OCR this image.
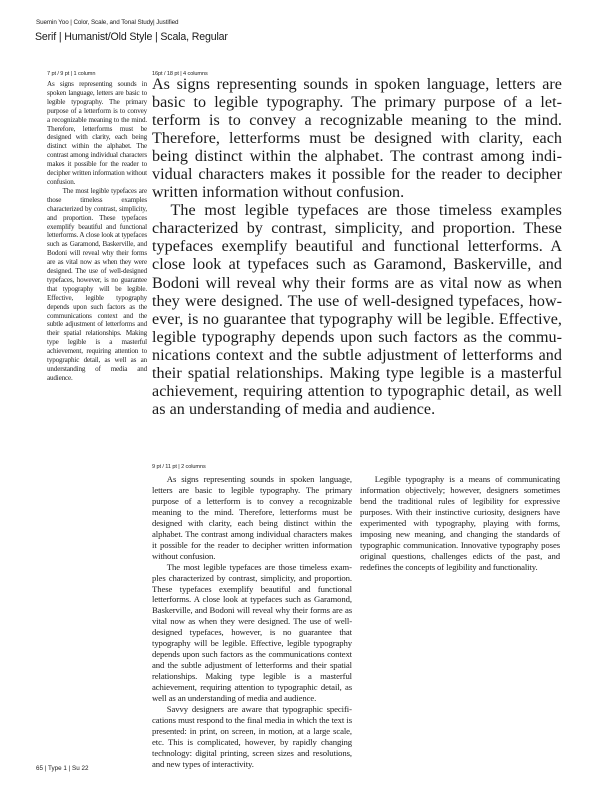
Suemin Yoo | Color, Scale, and Tonal Study| Justified
Serif | Humanist/Old Style | Scala, Regular
7 pt / 9 pt | 1 column

As signs representing sounds in spoken language, letters are basic to legible typography. The primary purpose of a letterform is to convey a recognizable meaning to the mind. Therefore, letterforms must be designed with clarity, each being distinct within the alphabet. The contrast among individual characters makes it possible for the reader to decipher written information without confusion.

The most legible typefaces are those timeless examples characterized by contrast, simplicity, and proportion. These typefaces exemplify beautiful and functional letterforms. A close look at typefaces such as Garamond, Baskerville, and Bodoni will reveal why their forms are as vital now as when they were designed. The use of well-designed typefaces, however, is no guarantee that typography will be legible. Effective, legible typography depends upon such factors as the communications context and the subtle adjustment of letterforms and their spatial relationships. Making type legible is a masterful achievement, requiring attention to typographic detail, as well as an understanding of media and audience.

16pt / 18 pt | 4 columns

As signs representing sounds in spoken language, letters are basic to legible typography. The primary purpose of a letterform is to convey a recognizable meaning to the mind. Therefore, letterforms must be designed with clarity, each being distinct within the alphabet. The contrast among individual characters makes it possible for the reader to decipher written information without confusion.

The most legible typefaces are those timeless examples characterized by contrast, simplicity, and proportion. These typefaces exemplify beautiful and functional letterforms. A close look at typefaces such as Garamond, Baskerville, and Bodoni will reveal why their forms are as vital now as when they were designed. The use of well-designed typefaces, however, is no guarantee that typography will be legible. Effective, legible typography depends upon such factors as the communications context and the subtle adjustment of letterforms and their spatial relationships. Making type legible is a masterful achievement, requiring attention to typographic detail, as well as an understanding of media and audience.

9 pt / 11 pt | 2 columns

As signs representing sounds in spoken language, letters are basic to legible typography. The primary purpose of a letterform is to convey a recognizable meaning to the mind. Therefore, letterforms must be designed with clarity, each being distinct within the alphabet. The contrast among individual characters makes it possible for the reader to decipher written information without confusion.

The most legible typefaces are those timeless examples characterized by contrast, simplicity, and proportion. These typefaces exemplify beautiful and functional letterforms. A close look at typefaces such as Garamond, Baskerville, and Bodoni will reveal why their forms are as vital now as when they were designed. The use of well-designed typefaces, however, is no guarantee that typography will be legible. Effective, legible typography depends upon such factors as the communications context and the subtle adjustment of letterforms and their spatial relationships. Making type legible is a masterful achievement, requiring attention to typographic detail, as well as an understanding of media and audience.

Savvy designers are aware that typographic specifications must respond to the final media in which the text is presented: in print, on screen, in motion, at a large scale, etc. This is complicated, however, by rapidly changing technology: digital printing, screen sizes and resolutions, and new types of interactivity.

Legible typography is a means of communicating information objectively; however, designers sometimes bend the traditional rules of legibility for expressive purposes. With their instinctive curiosity, designers have experimented with typography, playing with forms, imposing new meaning, and changing the standards of typographic communication. Innovative typography poses original questions, challenges edicts of the past, and redefines the concepts of legibility and functionality.

65 | Type 1 | Su 22
